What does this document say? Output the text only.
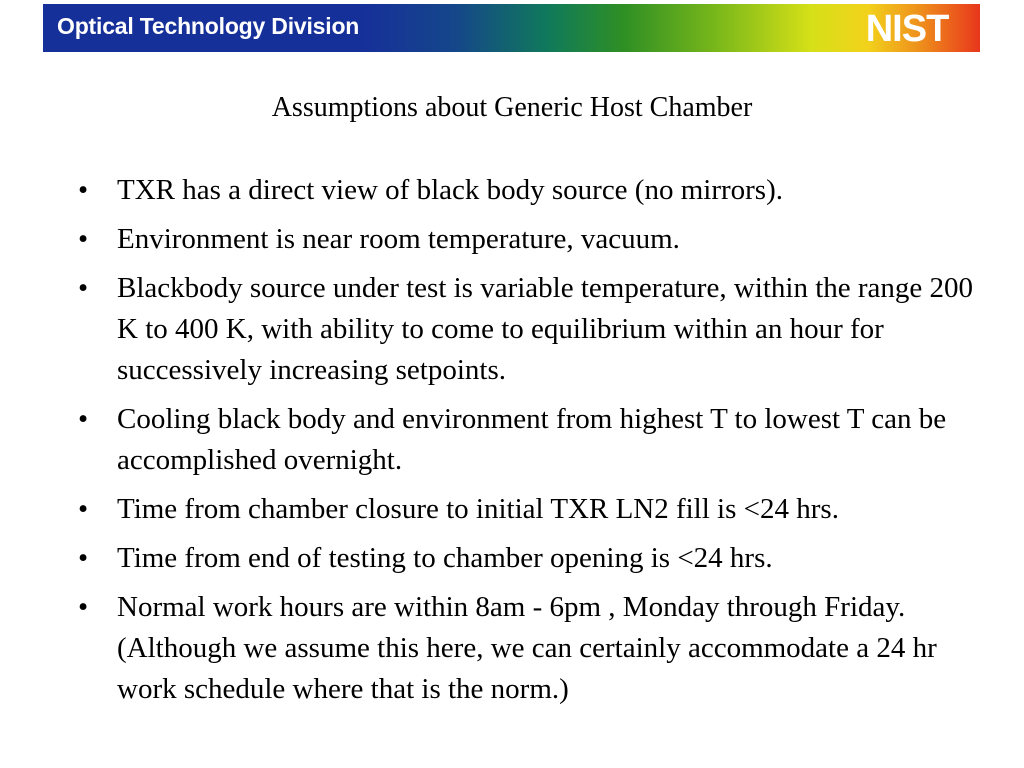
Optical Technology Division	NIST
Assumptions about Generic Host Chamber
• TXR has a direct view of black body source (no mirrors).
• Environment is near room temperature, vacuum.
• Blackbody source under test is variable temperature, within the range 200 K to 400 K, with ability to come to equilibrium within an hour for successively increasing setpoints.
• Cooling black body and environment from highest T to lowest T can be accomplished overnight.
• Time from chamber closure to initial TXR LN2 fill is <24 hrs.
• Time from end of testing to chamber opening is <24 hrs.
• Normal work hours are within 8am - 6pm , Monday through Friday. (Although we assume this here, we can certainly accommodate a 24 hr work schedule where that is the norm.)
